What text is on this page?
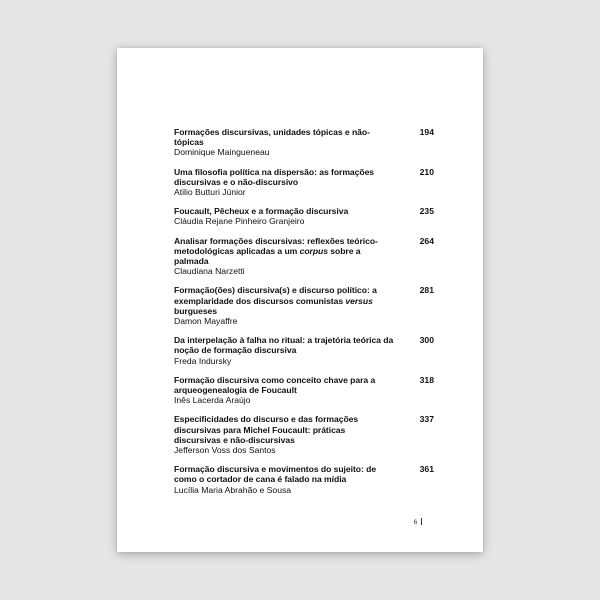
Formações discursivas, unidades tópicas e não-tópicas
Dominique Maingueneau
194
Uma filosofia política na dispersão: as formações discursivas e o não-discursivo
Atilio Butturi Júnior
210
Foucault, Pêcheux e a formação discursiva
Cláudia Rejane Pinheiro Granjeiro
235
Analisar formações discursivas: reflexões teórico-metodológicas aplicadas a um corpus sobre a palmada
Claudiana Narzetti
264
Formação(ões) discursiva(s) e discurso político: a exemplaridade dos discursos comunistas versus burgueses
Damon Mayaffre
281
Da interpelação à falha no ritual: a trajetória teórica da noção de formação discursiva
Freda Indursky
300
Formação discursiva como conceito chave para a arqueogenealogia de Foucault
Inês Lacerda Araújo
318
Especificidades do discurso e das formações discursivas para Michel Foucault: práticas discursivas e não-discursivas
Jefferson Voss dos Santos
337
Formação discursiva e movimentos do sujeito: de como o cortador de cana é falado na mídia
Lucília Maria Abrahão e Sousa
361
6
